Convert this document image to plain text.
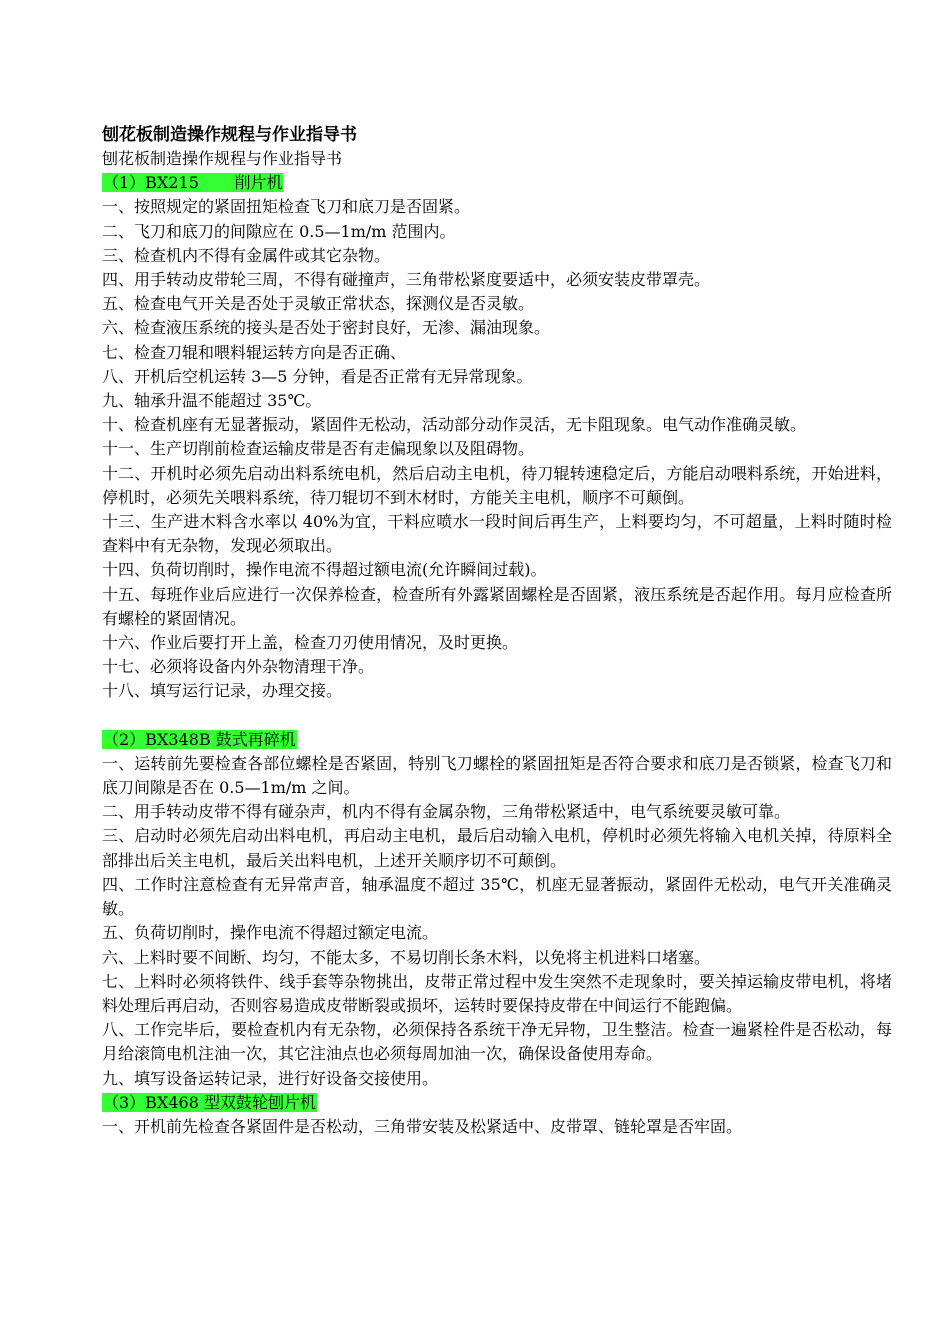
刨花板制造操作规程与作业指导书

刨花板制造操作规程与作业指导书

（1）BX215       削片机

一、按照规定的紧固扭矩检查飞刀和底刀是否固紧。

二、飞刀和底刀的间隙应在 0.5—1m/m 范围内。

三、检查机内不得有金属件或其它杂物。

四、用手转动皮带轮三周，不得有碰撞声，三角带松紧度要适中，必须安装皮带罩壳。

五、检查电气开关是否处于灵敏正常状态，探测仪是否灵敏。

六、检查液压系统的接头是否处于密封良好，无渗、漏油现象。

七、检查刀辊和喂料辊运转方向是否正确、

八、开机后空机运转 3—5 分钟，看是否正常有无异常现象。

九、轴承升温不能超过 35℃。

十、检查机座有无显著振动，紧固件无松动，活动部分动作灵活，无卡阻现象。电气动作准确灵敏。

十一、生产切削前检查运输皮带是否有走偏现象以及阻碍物。

十二、开机时必须先启动出料系统电机，然后启动主电机，待刀辊转速稳定后，方能启动喂料系统，开始进料，停机时，必须先关喂料系统，待刀辊切不到木材时，方能关主电机，顺序不可颠倒。

十三、生产进木料含水率以 40%为宜，干料应喷水一段时间后再生产，上料要均匀，不可超量，上料时随时检查料中有无杂物，发现必须取出。

十四、负荷切削时，操作电流不得超过额电流(允许瞬间过载)。

十五、每班作业后应进行一次保养检查，检查所有外露紧固螺栓是否固紧，液压系统是否起作用。每月应检查所有螺栓的紧固情况。

十六、作业后要打开上盖，检查刀刃使用情况，及时更换。

十七、必须将设备内外杂物清理干净。

十八、填写运行记录，办理交接。

（2）BX348B 鼓式再碎机

一、运转前先要检查各部位螺栓是否紧固，特别飞刀螺栓的紧固扭矩是否符合要求和底刀是否锁紧，检查飞刀和底刀间隙是否在 0.5—1m/m 之间。

二、用手转动皮带不得有碰杂声，机内不得有金属杂物，三角带松紧适中，电气系统要灵敏可靠。

三、启动时必须先启动出料电机，再启动主电机，最后启动输入电机，停机时必须先将输入电机关掉，待原料全部排出后关主电机，最后关出料电机，上述开关顺序切不可颠倒。

四、工作时注意检查有无异常声音，轴承温度不超过 35℃，机座无显著振动，紧固件无松动，电气开关准确灵敏。

五、负荷切削时，操作电流不得超过额定电流。

六、上料时要不间断、均匀，不能太多，不易切削长条木料，以免将主机进料口堵塞。

七、上料时必须将铁件、线手套等杂物挑出，皮带正常过程中发生突然不走现象时，要关掉运输皮带电机，将堵料处理后再启动，否则容易造成皮带断裂或损坏，运转时要保持皮带在中间运行不能跑偏。

八、工作完毕后，要检查机内有无杂物，必须保持各系统干净无异物，卫生整洁。检查一遍紧栓件是否松动，每月给滚筒电机注油一次，其它注油点也必须每周加油一次，确保设备使用寿命。

九、填写设备运转记录，进行好设备交接使用。

（3）BX468 型双鼓轮刨片机

一、开机前先检查各紧固件是否松动，三角带安装及松紧适中、皮带罩、链轮罩是否牢固。
